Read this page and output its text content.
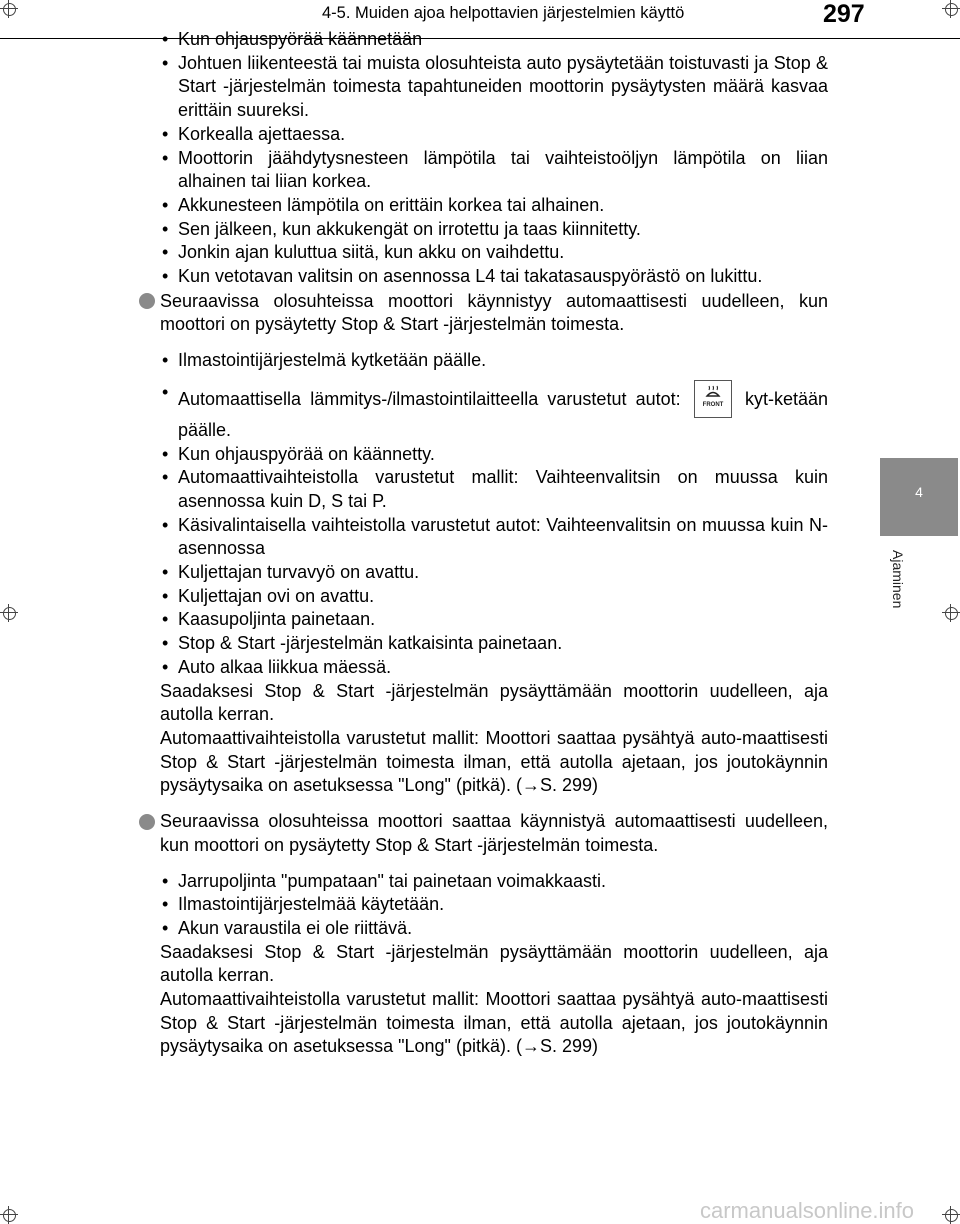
4-5. Muiden ajoa helpottavien järjestelmien käyttö	297
4
Ajaminen
• Kun ohjauspyörää käännetään
• Johtuen liikenteestä tai muista olosuhteista auto pysäytetään toistuvasti ja Stop & Start -järjestelmän toimesta tapahtuneiden moottorin pysäytysten määrä kasvaa erittäin suureksi.
• Korkealla ajettaessa.
• Moottorin jäähdytysnesteen lämpötila tai vaihteistoöljyn lämpötila on liian alhainen tai liian korkea.
• Akkunesteen lämpötila on erittäin korkea tai alhainen.
• Sen jälkeen, kun akkukengät on irrotettu ja taas kiinnitetty.
• Jonkin ajan kuluttua siitä, kun akku on vaihdettu.
• Kun vetotavan valitsin on asennossa L4 tai takatasauspyörästö on lukittu.
Seuraavissa olosuhteissa moottori käynnistyy automaattisesti uudelleen, kun moottori on pysäytetty Stop & Start -järjestelmän toimesta.
• Ilmastointijärjestelmä kytketään päälle.
• Automaattisella lämmitys-/ilmastointilaitteella varustetut autot:	FRONT kyt-ketään päälle.
• Kun ohjauspyörää on käännetty.
• Automaattivaihteistolla varustetut mallit: Vaihteenvalitsin on muussa kuin asennossa kuin D, S tai P.
• Käsivalintaisella vaihteistolla varustetut autot: Vaihteenvalitsin on muussa kuin N-asennossa
• Kuljettajan turvavyö on avattu.
• Kuljettajan ovi on avattu.
• Kaasupoljinta painetaan.
• Stop & Start -järjestelmän katkaisinta painetaan.
• Auto alkaa liikkua mäessä.
Saadaksesi Stop & Start -järjestelmän pysäyttämään moottorin uudelleen, aja autolla kerran.
Automaattivaihteistolla varustetut mallit: Moottori saattaa pysähtyä auto-maattisesti Stop & Start -järjestelmän toimesta ilman, että autolla ajetaan, jos joutokäynnin pysäytysaika on asetuksessa "Long" (pitkä). (→S. 299)
Seuraavissa olosuhteissa moottori saattaa käynnistyä automaattisesti uudelleen, kun moottori on pysäytetty Stop & Start -järjestelmän toimesta.
• Jarrupoljinta "pumpataan" tai painetaan voimakkaasti.
• Ilmastointijärjestelmää käytetään.
• Akun varaustila ei ole riittävä.
Saadaksesi Stop & Start -järjestelmän pysäyttämään moottorin uudelleen, aja autolla kerran.
Automaattivaihteistolla varustetut mallit: Moottori saattaa pysähtyä auto-maattisesti Stop & Start -järjestelmän toimesta ilman, että autolla ajetaan, jos joutokäynnin pysäytysaika on asetuksessa "Long" (pitkä). (→S. 299)
carmanualsonline.info
